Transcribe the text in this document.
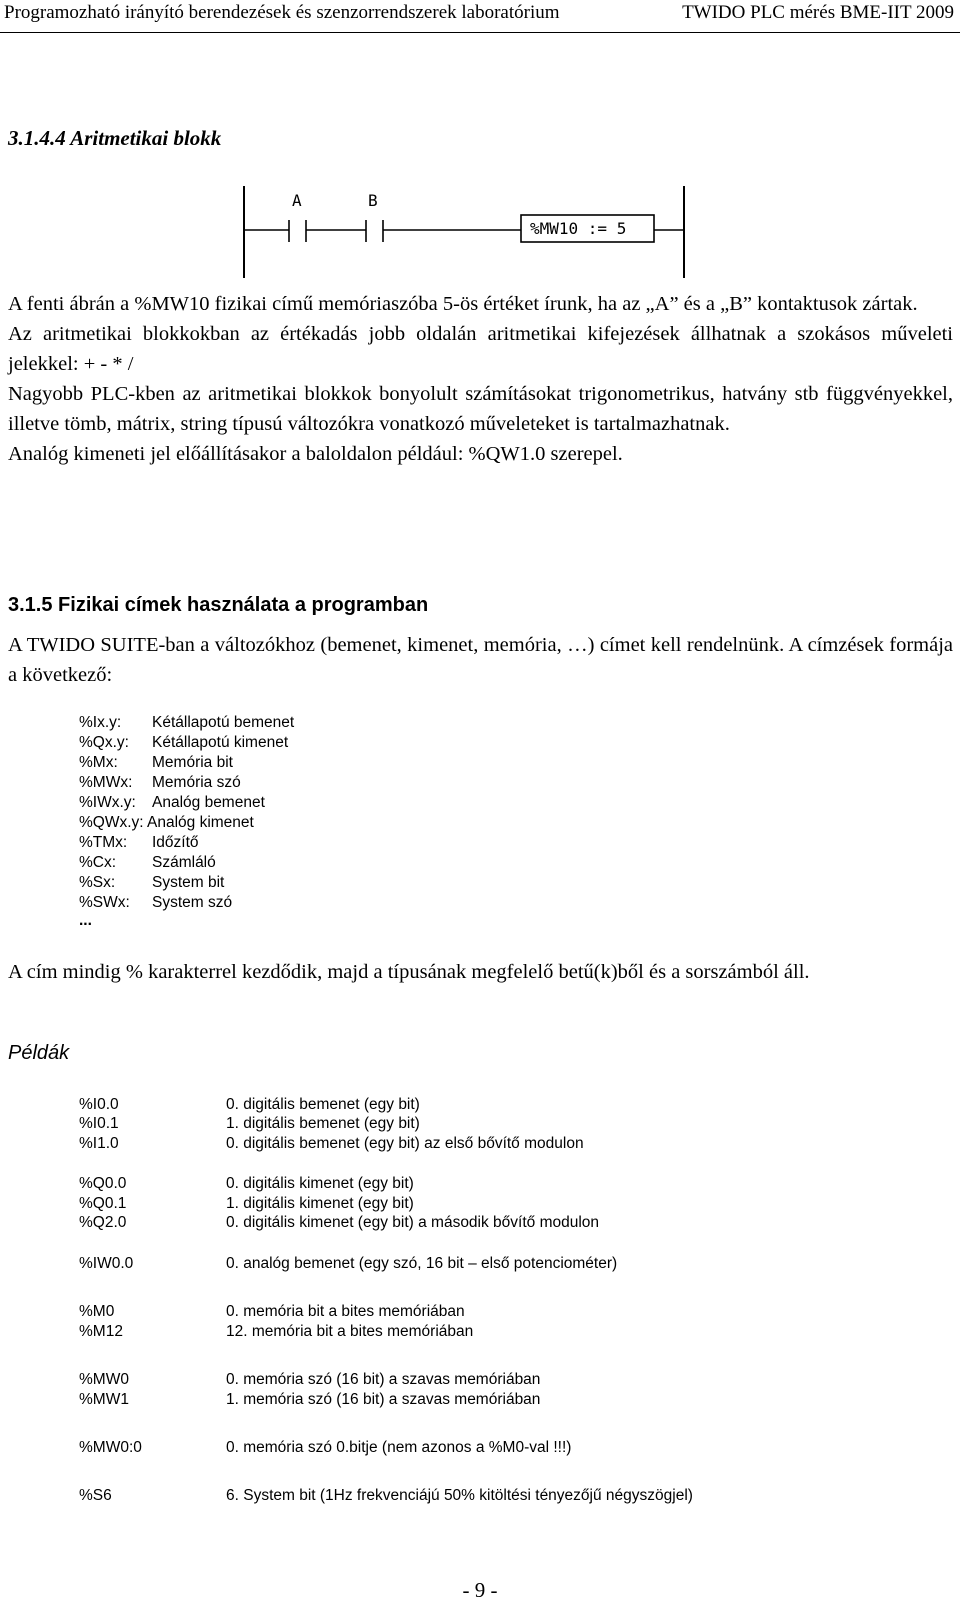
Programozható irányító berendezések és szenzorrendszerek laboratórium	TWIDO PLC mérés BME-IIT 2009
3.1.4.4 Aritmetikai blokk
A	B
%MW10 := 5
A fenti ábrán a %MW10 fizikai című memóriaszóba 5-ös értéket írunk, ha az „A” és a „B” kontaktusok zártak.
Az aritmetikai blokkokban az értékadás jobb oldalán aritmetikai kifejezések állhatnak a szokásos műveleti jelekkel: + - * /
Nagyobb PLC-kben az aritmetikai blokkok bonyolult számításokat trigonometrikus, hatvány stb függvényekkel, illetve tömb, mátrix, string típusú változókra vonatkozó műveleteket is tartalmazhatnak.
Analóg kimeneti jel előállításakor a baloldalon például: %QW1.0 szerepel.
3.1.5 Fizikai címek használata a programban
A TWIDO SUITE-ban a változókhoz (bemenet, kimenet, memória, …) címet kell rendelnünk. A címzések formája a következő:
%Ix.y: Kétállapotú bemenet
%Qx.y: Kétállapotú kimenet
%Mx: Memória bit
%MWx: Memória szó
%IWx.y: Analóg bemenet
%QWx.y: Analóg kimenet
%TMx: Időzítő
%Cx: Számláló
%Sx: System bit
%SWx: System szó
...
A cím mindig % karakterrel kezdődik, majd a típusának megfelelő betű(k)ből és a sorszámból áll.
Példák
%I0.0	0. digitális bemenet (egy bit)
%I0.1	1. digitális bemenet (egy bit)
%I1.0	0. digitális bemenet (egy bit) az első bővítő modulon
%Q0.0	0. digitális kimenet (egy bit)
%Q0.1	1. digitális kimenet (egy bit)
%Q2.0	0. digitális kimenet (egy bit) a második bővítő modulon
%IW0.0	0. analóg bemenet (egy szó, 16 bit – első potenciométer)
%M0	0. memória bit a bites memóriában
%M12	12. memória bit a bites memóriában
%MW0	0. memória szó (16 bit) a szavas memóriában
%MW1	1. memória szó (16 bit) a szavas memóriában
%MW0:0	0. memória szó 0.bitje (nem azonos a %M0-val !!!)
%S6	6. System bit (1Hz frekvenciájú 50% kitöltési tényezőjű négyszögjel)
- 9 -
